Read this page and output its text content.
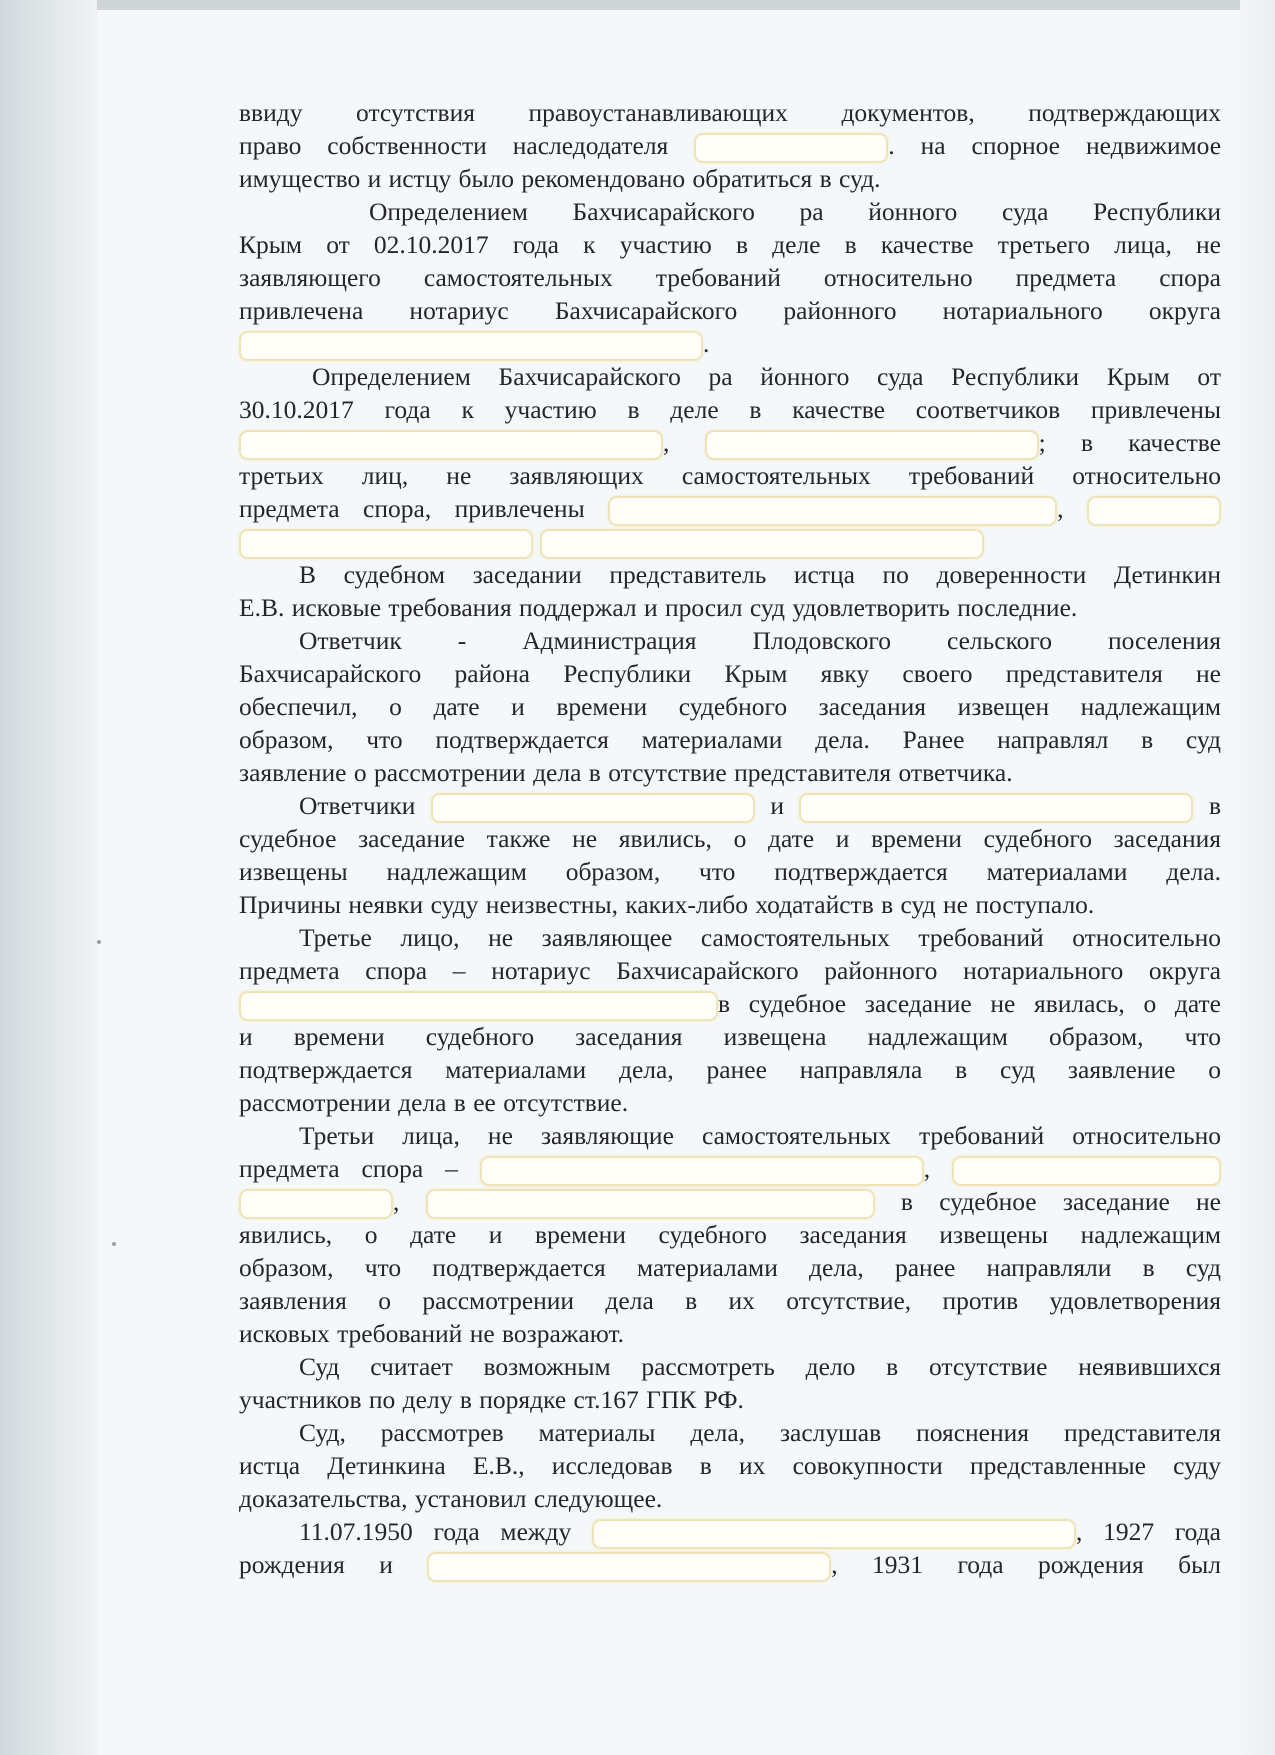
ввиду отсутствия правоустанавливающих документов, подтверждающих
право собственности наследодателя	. на спорное недвижимое
имущество и истцу было рекомендовано обратиться в суд.
Определением Бахчисарайского ра йонного суда Республики
Крым от 02.10.2017 года к участию в деле в качестве третьего лица, не
заявляющего самостоятельных требований относительно предмета спора
привлечена нотариус Бахчисарайского районного нотариального округа
.
Определением Бахчисарайского ра йонного суда Республики Крым от
30.10.2017 года к участию в деле в качестве соответчиков привлечены
,	; в качестве
третьих лиц, не заявляющих самостоятельных требований относительно
предмета спора, привлечены	,

В судебном заседании представитель истца по доверенности Детинкин
Е.В. исковые требования поддержал и просил суд удовлетворить последние.
Ответчик - Администрация Плодовского сельского поселения
Бахчисарайского района Республики Крым явку своего представителя не
обеспечил, о дате и времени судебного заседания извещен надлежащим
образом, что подтверждается материалами дела. Ранее направлял в суд
заявление о рассмотрении дела в отсутствие представителя ответчика.
Ответчики	и	в
судебное заседание также не явились, о дате и времени судебного заседания
извещены надлежащим образом, что подтверждается материалами дела.
Причины неявки суду неизвестны, каких-либо ходатайств в суд не поступало.
Третье лицо, не заявляющее самостоятельных требований относительно
предмета спора – нотариус Бахчисарайского районного нотариального округа
в судебное заседание не явилась, о дате
и времени судебного заседания извещена надлежащим образом, что
подтверждается материалами дела, ранее направляла в суд заявление о
рассмотрении дела в ее отсутствие.
Третьи лица, не заявляющие самостоятельных требований относительно
предмета спора –	,
,	в судебное заседание не
явились, о дате и времени судебного заседания извещены надлежащим
образом, что подтверждается материалами дела, ранее направляли в суд
заявления о рассмотрении дела в их отсутствие, против удовлетворения
исковых требований не возражают.
Суд считает возможным рассмотреть дело в отсутствие неявившихся
участников по делу в порядке ст.167 ГПК РФ.
Суд, рассмотрев материалы дела, заслушав пояснения представителя
истца Детинкина Е.В., исследовав в их совокупности представленные суду
доказательства, установил следующее.
11.07.1950 года между	, 1927 года
рождения и	, 1931 года рождения был
